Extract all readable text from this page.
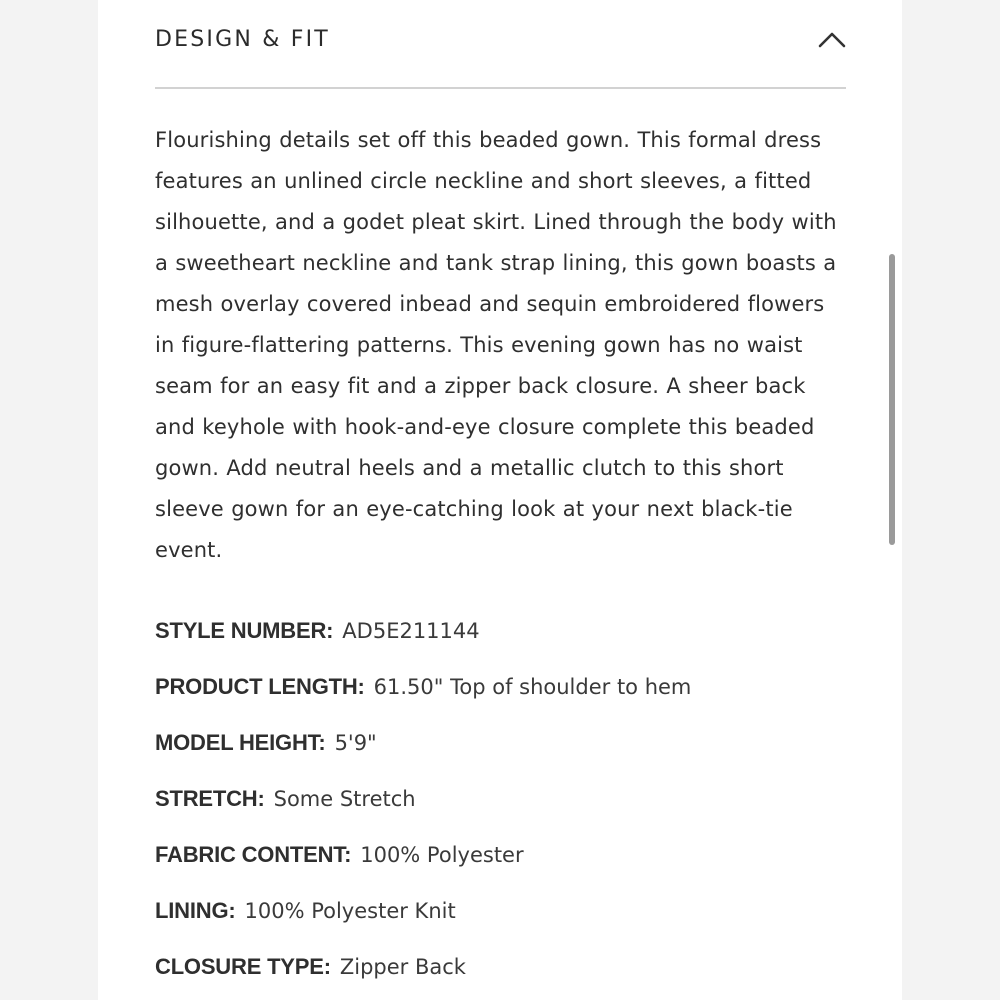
DESIGN & FIT

Flourishing details set off this beaded gown. This formal dress features an unlined circle neckline and short sleeves, a fitted silhouette, and a godet pleat skirt. Lined through the body with a sweetheart neckline and tank strap lining, this gown boasts a mesh overlay covered inbead and sequin embroidered flowers in figure-flattering patterns. This evening gown has no waist seam for an easy fit and a zipper back closure. A sheer back and keyhole with hook-and-eye closure complete this beaded gown. Add neutral heels and a metallic clutch to this short sleeve gown for an eye-catching look at your next black-tie event.

STYLE NUMBER: AD5E211144
PRODUCT LENGTH: 61.50" Top of shoulder to hem
MODEL HEIGHT: 5'9"
STRETCH: Some Stretch
FABRIC CONTENT: 100% Polyester
LINING: 100% Polyester Knit
CLOSURE TYPE: Zipper Back
